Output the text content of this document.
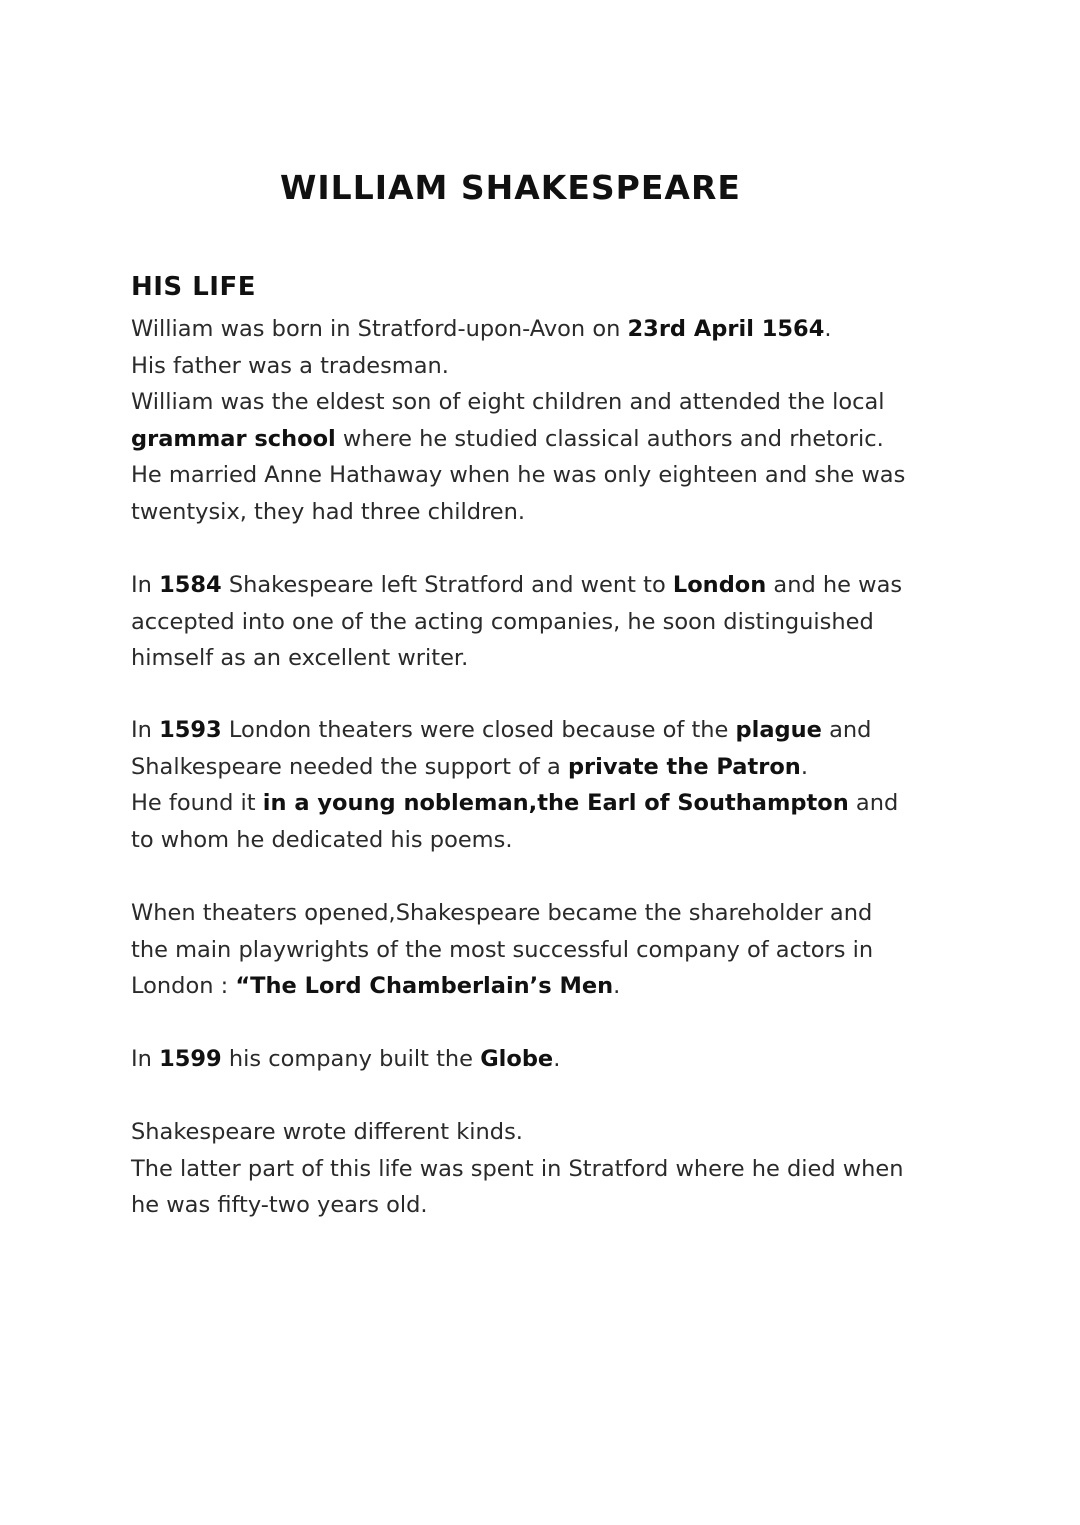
WILLIAM SHAKESPEARE
HIS LIFE

William was born in Stratford-upon-Avon on 23rd April 1564.
His father was a tradesman.
William was the eldest son of eight children and attended the local
grammar school where he studied classical authors and rhetoric.
He married Anne Hathaway when he was only eighteen and she was
twentysix, they had three children.

In 1584 Shakespeare left Stratford and went to London and he was
accepted into one of the acting companies, he soon distinguished
himself as an excellent writer.

In 1593 London theaters were closed because of the plague and
Shalkespeare needed the support of a private the Patron.
He found it in a young nobleman,the Earl of Southampton and
to whom he dedicated his poems.

When theaters opened,Shakespeare became the shareholder and
the main playwrights of the most successful company of actors in
London : “The Lord Chamberlain’s Men.

In 1599 his company built the Globe.

Shakespeare wrote different kinds.
The latter part of this life was spent in Stratford where he died when
he was fifty-two years old.
